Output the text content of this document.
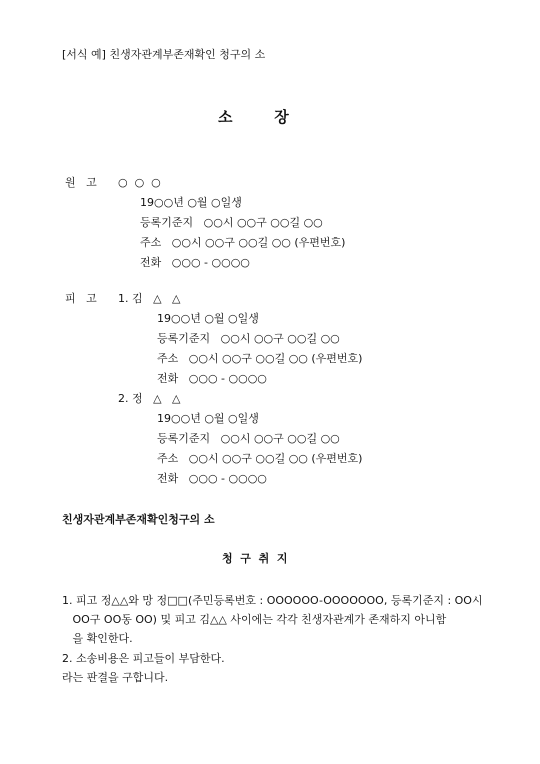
[서식 예] 친생자관계부존재확인 청구의 소
소        장
원   고 ○  ○  ○
19○○년 ○월 ○일생
등록기준지   ○○시 ○○구 ○○길 ○○
주소   ○○시 ○○구 ○○길 ○○ (우편번호)
전화   ○○○ - ○○○○
피   고 1. 김   △   △
19○○년 ○월 ○일생
등록기준지   ○○시 ○○구 ○○길 ○○
주소   ○○시 ○○구 ○○길 ○○ (우편번호)
전화   ○○○ - ○○○○
2. 정   △   △
19○○년 ○월 ○일생
등록기준지   ○○시 ○○구 ○○길 ○○
주소   ○○시 ○○구 ○○길 ○○ (우편번호)
전화   ○○○ - ○○○○
친생자관계부존재확인청구의 소
청  구  취  지
1. 피고 정△△와 망 정□□(주민등록번호 : OOOOOO-OOOOOOO, 등록기준지 : OO시
OO구 OO동 OO) 및 피고 김△△ 사이에는 각각 친생자관계가 존재하지 아니함
을 확인한다.
2. 소송비용은 피고들이 부담한다.
라는 판결을 구합니다.
